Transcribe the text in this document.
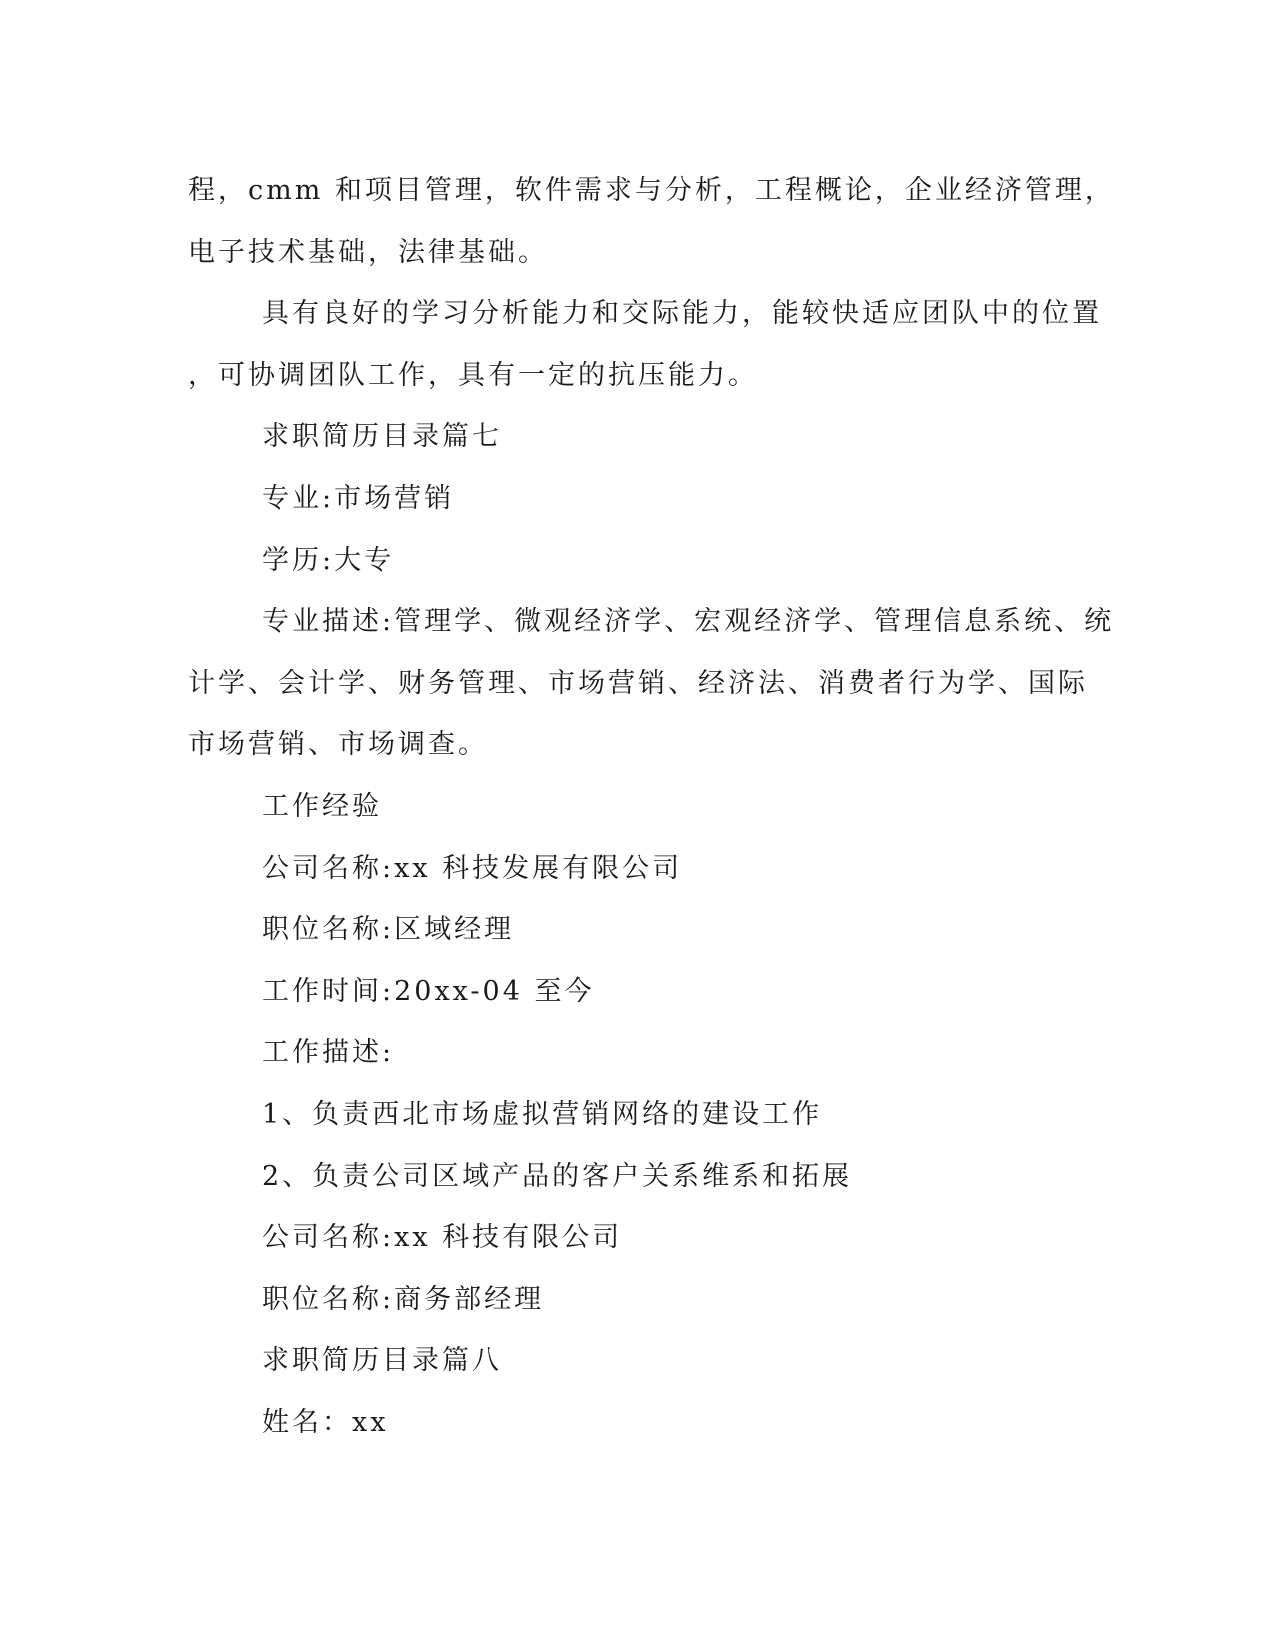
程，cmm 和项目管理，软件需求与分析，工程概论，企业经济管理，

电子技术基础，法律基础。

具有良好的学习分析能力和交际能力，能较快适应团队中的位置

，可协调团队工作，具有一定的抗压能力。

求职简历目录篇七

专业:市场营销

学历:大专

专业描述:管理学、微观经济学、宏观经济学、管理信息系统、统

计学、会计学、财务管理、市场营销、经济法、消费者行为学、国际

市场营销、市场调查。

工作经验

公司名称:xx 科技发展有限公司

职位名称:区域经理

工作时间:20xx-04 至今

工作描述:

1、负责西北市场虚拟营销网络的建设工作

2、负责公司区域产品的客户关系维系和拓展

公司名称:xx 科技有限公司

职位名称:商务部经理

求职简历目录篇八

姓名：xx
